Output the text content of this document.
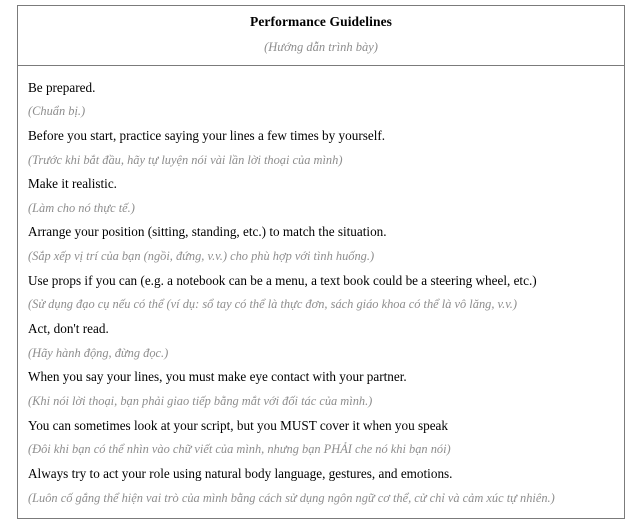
Performance Guidelines
(Hướng dẫn trình bày)

Be prepared.

(Chuẩn bị.)

Before you start, practice saying your lines a few times by yourself.

(Trước khi bắt đầu, hãy tự luyện nói vài lần lời thoại của mình)

Make it realistic.

(Làm cho nó thực tế.)

Arrange your position (sitting, standing, etc.) to match the situation.

(Sắp xếp vị trí của bạn (ngồi, đứng, v.v.) cho phù hợp với tình huống.)

Use props if you can (e.g. a notebook can be a menu, a text book could be a steering wheel, etc.)

(Sử dụng đạo cụ nếu có thể (ví dụ: sổ tay có thể là thực đơn, sách giáo khoa có thể là vô lăng, v.v.)

Act, don't read.

(Hãy hành động, đừng đọc.)

When you say your lines, you must make eye contact with your partner.

(Khi nói lời thoại, bạn phải giao tiếp bằng mắt với đối tác của mình.)

You can sometimes look at your script, but you MUST cover it when you speak

(Đôi khi bạn có thể nhìn vào chữ viết của mình, nhưng bạn PHẢI che nó khi bạn nói)

Always try to act your role using natural body language, gestures, and emotions.

(Luôn cố gắng thể hiện vai trò của mình bằng cách sử dụng ngôn ngữ cơ thể, cử chỉ và cảm xúc tự nhiên.)
